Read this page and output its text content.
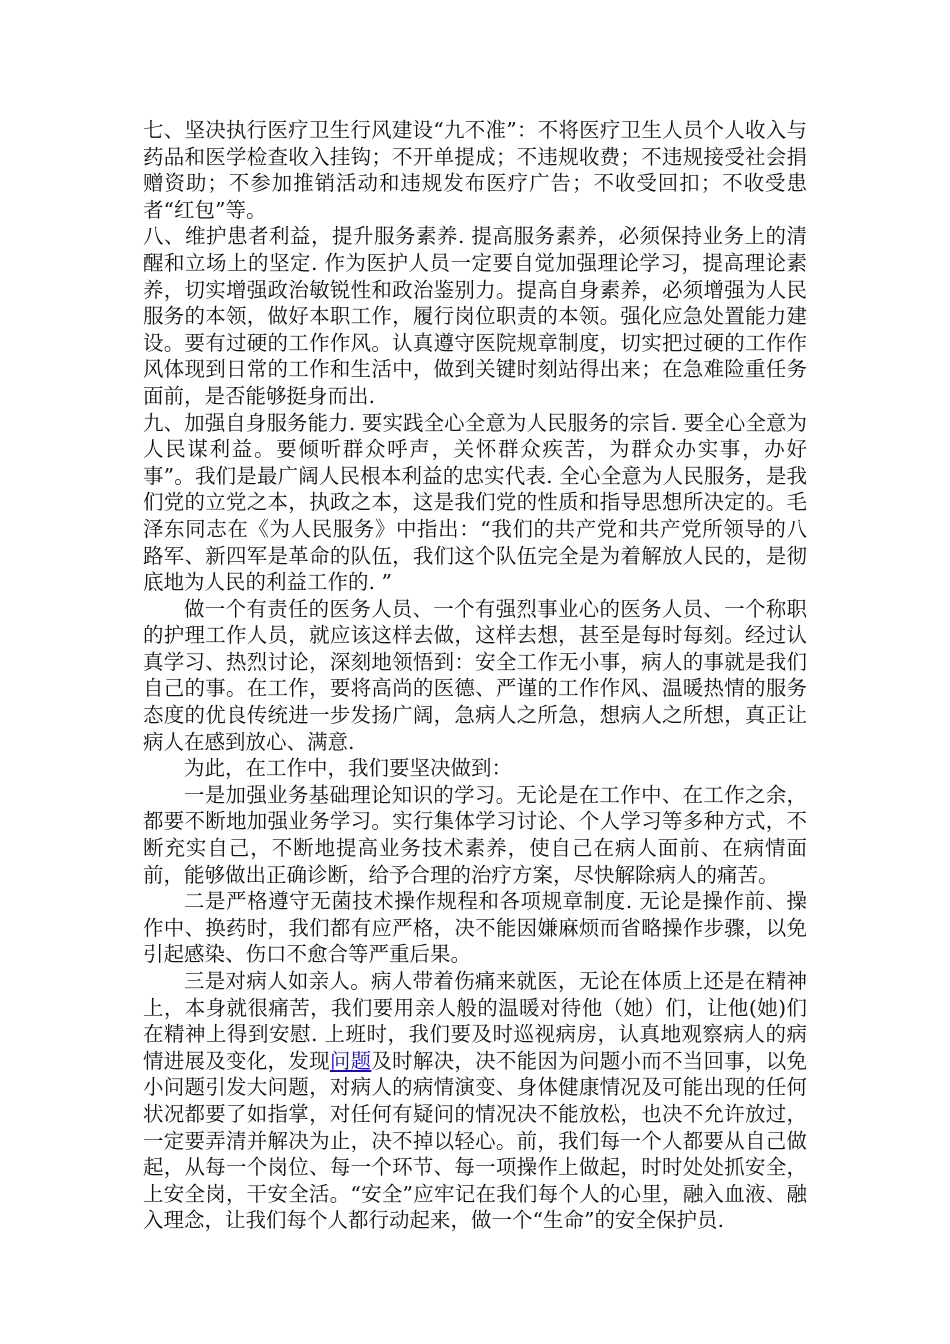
七、坚决执行医疗卫生行风建设“九不准”：不将医疗卫生人员个人收入与药品和医学检查收入挂钩；不开单提成；不违规收费；不违规接受社会捐赠资助；不参加推销活动和违规发布医疗广告；不收受回扣；不收受患者“红包”等。

八、维护患者利益，提升服务素养. 提高服务素养，必须保持业务上的清醒和立场上的坚定. 作为医护人员一定要自觉加强理论学习，提高理论素养，切实增强政治敏锐性和政治鉴别力。提高自身素养，必须增强为人民服务的本领，做好本职工作，履行岗位职责的本领。强化应急处置能力建设。要有过硬的工作作风。认真遵守医院规章制度，切实把过硬的工作作风体现到日常的工作和生活中，做到关键时刻站得出来；在急难险重任务面前，是否能够挺身而出.

九、加强自身服务能力. 要实践全心全意为人民服务的宗旨. 要全心全意为人民谋利益。要倾听群众呼声，关怀群众疾苦，为群众办实事，办好事”。我们是最广阔人民根本利益的忠实代表. 全心全意为人民服务，是我们党的立党之本，执政之本，这是我们党的性质和指导思想所决定的。毛泽东同志在《为人民服务》中指出：“我们的共产党和共产党所领导的八路军、新四军是革命的队伍，我们这个队伍完全是为着解放人民的，是彻底地为人民的利益工作的. ”

做一个有责任的医务人员、一个有强烈事业心的医务人员、一个称职的护理工作人员，就应该这样去做，这样去想，甚至是每时每刻。经过认真学习、热烈讨论，深刻地领悟到：安全工作无小事，病人的事就是我们自己的事。在工作，要将高尚的医德、严谨的工作作风、温暖热情的服务态度的优良传统进一步发扬广阔，急病人之所急，想病人之所想，真正让病人在感到放心、满意.

为此，在工作中，我们要坚决做到：

一是加强业务基础理论知识的学习。无论是在工作中、在工作之余，都要不断地加强业务学习。实行集体学习讨论、个人学习等多种方式，不断充实自己，不断地提高业务技术素养，使自己在病人面前、在病情面前，能够做出正确诊断，给予合理的治疗方案，尽快解除病人的痛苦。

二是严格遵守无菌技术操作规程和各项规章制度. 无论是操作前、操作中、换药时，我们都有应严格，决不能因嫌麻烦而省略操作步骤，以免引起感染、伤口不愈合等严重后果。

三是对病人如亲人。病人带着伤痛来就医，无论在体质上还是在精神上，本身就很痛苦，我们要用亲人般的温暖对待他（她）们，让他(她)们在精神上得到安慰. 上班时，我们要及时巡视病房，认真地观察病人的病情进展及变化，发现问题及时解决，决不能因为问题小而不当回事，以免小问题引发大问题，对病人的病情演变、身体健康情况及可能出现的任何状况都要了如指掌，对任何有疑问的情况决不能放松，也决不允许放过，一定要弄清并解决为止，决不掉以轻心。前，我们每一个人都要从自己做起，从每一个岗位、每一个环节、每一项操作上做起，时时处处抓安全，上安全岗，干安全活。“安全”应牢记在我们每个人的心里，融入血液、融入理念，让我们每个人都行动起来，做一个“生命”的安全保护员.
